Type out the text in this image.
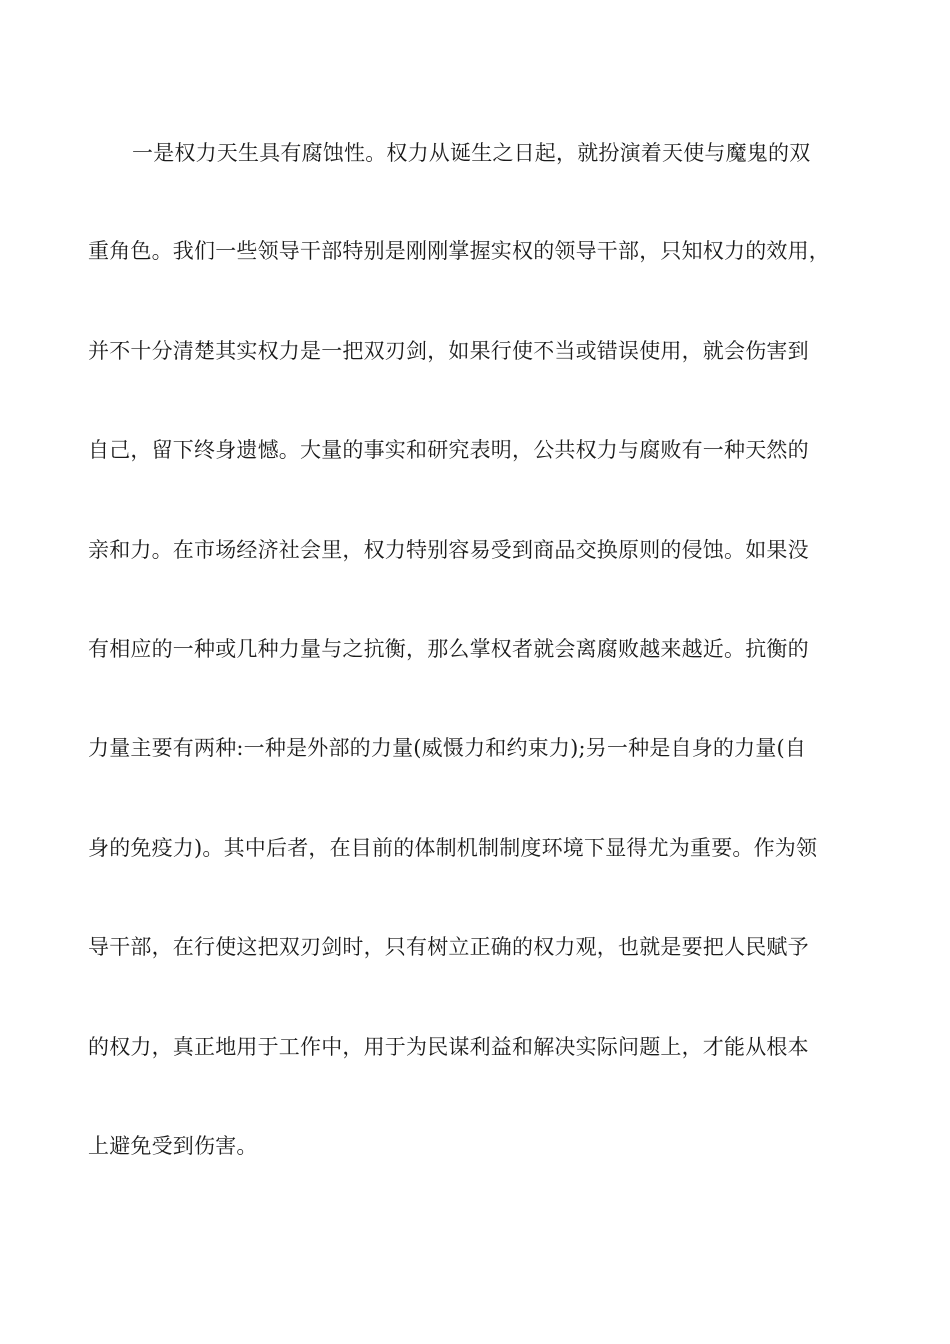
一是权力天生具有腐蚀性。权力从诞生之日起，就扮演着天使与魔鬼的双
重角色。我们一些领导干部特别是刚刚掌握实权的领导干部，只知权力的效用，
并不十分清楚其实权力是一把双刃剑，如果行使不当或错误使用，就会伤害到
自己，留下终身遗憾。大量的事实和研究表明，公共权力与腐败有一种天然的
亲和力。在市场经济社会里，权力特别容易受到商品交换原则的侵蚀。如果没
有相应的一种或几种力量与之抗衡，那么掌权者就会离腐败越来越近。抗衡的
力量主要有两种:一种是外部的力量(威慑力和约束力);另一种是自身的力量(自
身的免疫力)。其中后者，在目前的体制机制制度环境下显得尤为重要。作为领
导干部，在行使这把双刃剑时，只有树立正确的权力观，也就是要把人民赋予
的权力，真正地用于工作中，用于为民谋利益和解决实际问题上，才能从根本
上避免受到伤害。
